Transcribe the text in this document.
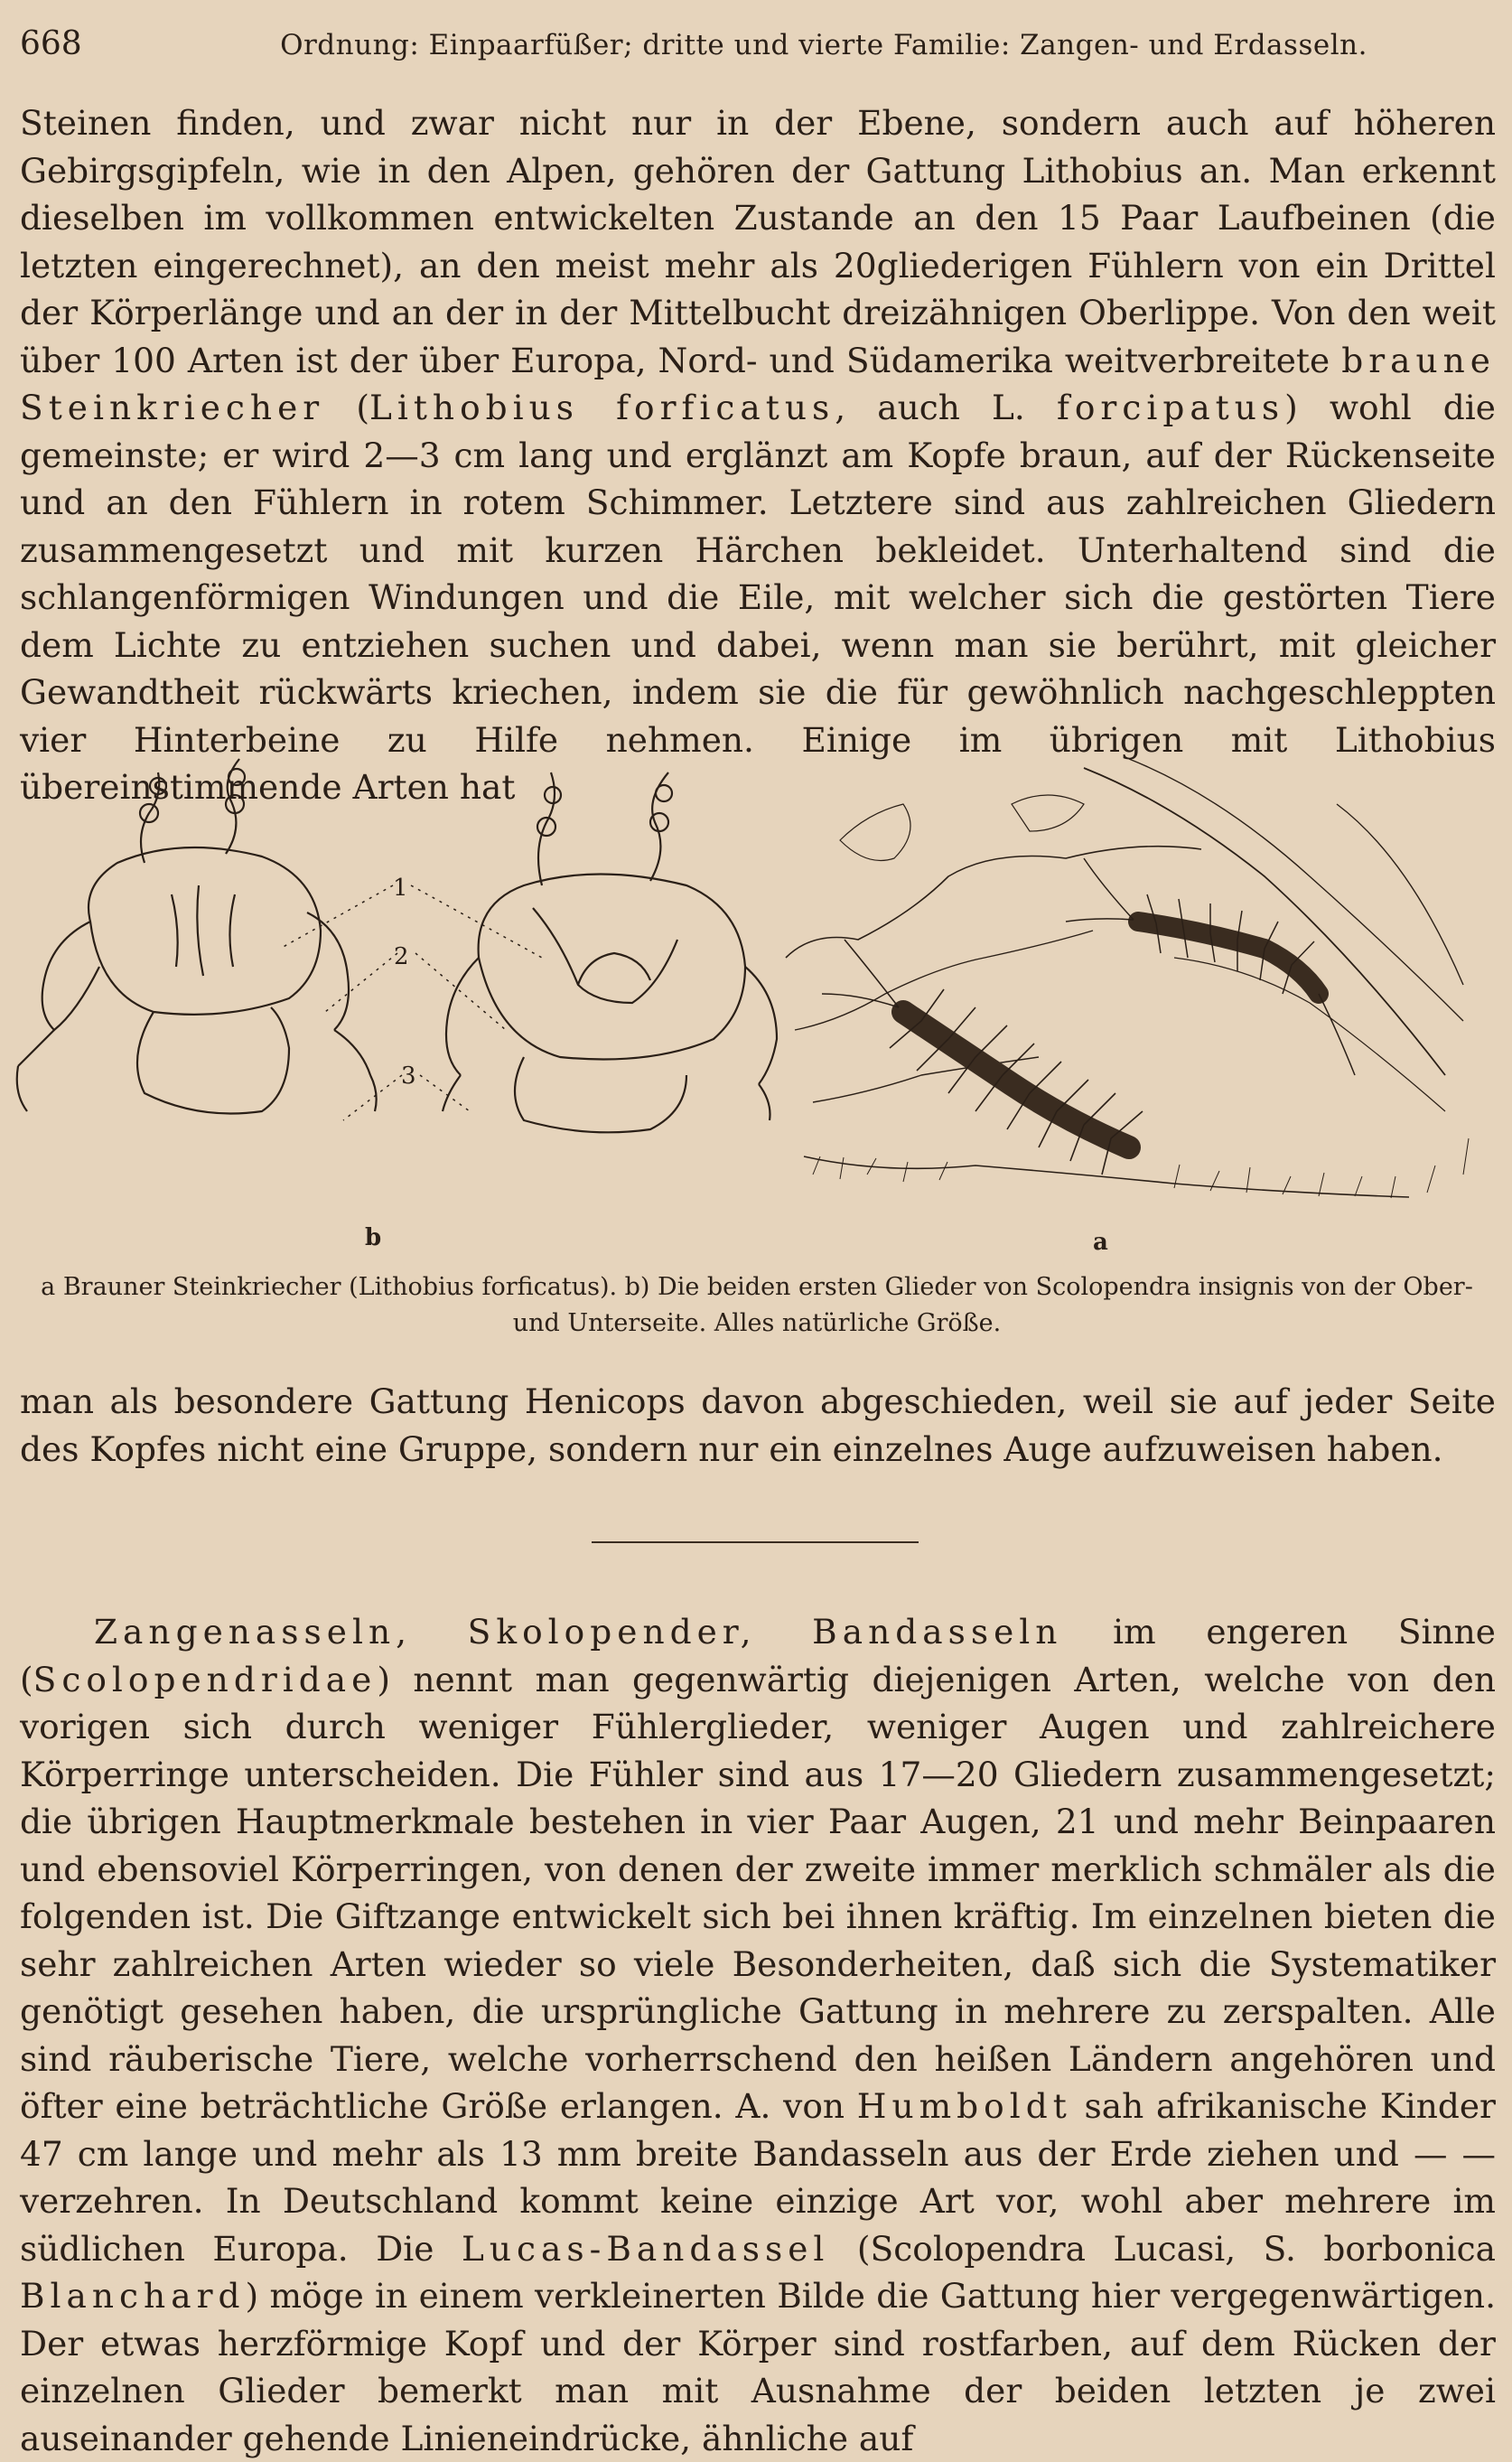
668	Ordnung: Einpaarfüßer; dritte und vierte Familie: Zangen- und Erdasseln.
Steinen finden, und zwar nicht nur in der Ebene, sondern auch auf höheren Gebirgsgipfeln, wie in den Alpen, gehören der Gattung Lithobius an. Man erkennt dieselben im vollkommen entwickelten Zustande an den 15 Paar Laufbeinen (die letzten eingerechnet), an den meist mehr als 20gliederigen Fühlern von ein Drittel der Körperlänge und an der in der Mittelbucht dreizähnigen Oberlippe. Von den weit über 100 Arten ist der über Europa, Nord- und Südamerika weitverbreitete braune Steinkriecher (Lithobius forficatus, auch L. forcipatus) wohl die gemeinste; er wird 2—3 cm lang und erglänzt am Kopfe braun, auf der Rückenseite und an den Fühlern in rotem Schimmer. Letztere sind aus zahlreichen Gliedern zusammengesetzt und mit kurzen Härchen bekleidet. Unterhaltend sind die schlangenförmigen Windungen und die Eile, mit welcher sich die gestörten Tiere dem Lichte zu entziehen suchen und dabei, wenn man sie berührt, mit gleicher Gewandtheit rückwärts kriechen, indem sie die für gewöhnlich nachgeschleppten vier Hinterbeine zu Hilfe nehmen. Einige im übrigen mit Lithobius übereinstimmende Arten hat
1
2
3
b	a
a Brauner Steinkriecher (Lithobius forficatus). b) Die beiden ersten Glieder von Scolopendra insignis von der Ober-
und Unterseite. Alles natürliche Größe.
man als besondere Gattung Henicops davon abgeschieden, weil sie auf jeder Seite des Kopfes nicht eine Gruppe, sondern nur ein einzelnes Auge aufzuweisen haben.
Zangenasseln, Skolopender, Bandasseln im engeren Sinne (Scolopendridae) nennt man gegenwärtig diejenigen Arten, welche von den vorigen sich durch weniger Fühlerglieder, weniger Augen und zahlreichere Körperringe unterscheiden. Die Fühler sind aus 17—20 Gliedern zusammengesetzt; die übrigen Hauptmerkmale bestehen in vier Paar Augen, 21 und mehr Beinpaaren und ebensoviel Körperringen, von denen der zweite immer merklich schmäler als die folgenden ist. Die Giftzange entwickelt sich bei ihnen kräftig. Im einzelnen bieten die sehr zahlreichen Arten wieder so viele Besonderheiten, daß sich die Systematiker genötigt gesehen haben, die ursprüngliche Gattung in mehrere zu zerspalten. Alle sind räuberische Tiere, welche vorherrschend den heißen Ländern angehören und öfter eine beträchtliche Größe erlangen. A. von Humboldt sah afrikanische Kinder 47 cm lange und mehr als 13 mm breite Bandasseln aus der Erde ziehen und — — verzehren. In Deutschland kommt keine einzige Art vor, wohl aber mehrere im südlichen Europa. Die Lucas-Bandassel (Scolopendra Lucasi, S. borbonica Blanchard) möge in einem verkleinerten Bilde die Gattung hier vergegenwärtigen. Der etwas herzförmige Kopf und der Körper sind rostfarben, auf dem Rücken der einzelnen Glieder bemerkt man mit Ausnahme der beiden letzten je zwei auseinander gehende Linieneindrücke, ähnliche auf
